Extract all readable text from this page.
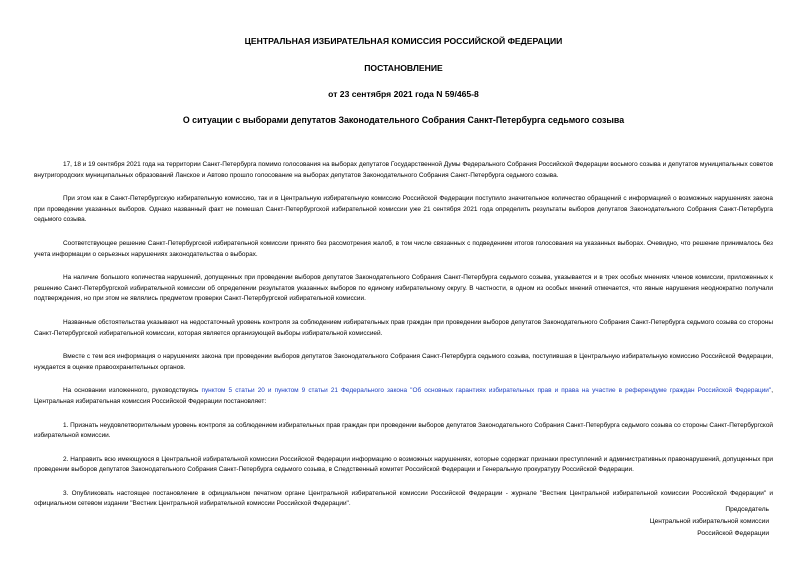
ЦЕНТРАЛЬНАЯ ИЗБИРАТЕЛЬНАЯ КОМИССИЯ РОССИЙСКОЙ ФЕДЕРАЦИИ
ПОСТАНОВЛЕНИЕ
от 23 сентября 2021 года N 59/465-8
О ситуации с выборами депутатов Законодательного Собрания Санкт-Петербурга седьмого созыва

17, 18 и 19 сентября 2021 года на территории Санкт-Петербурга помимо голосования на выборах депутатов Государственной Думы Федерального Собрания Российской Федерации восьмого созыва и депутатов муниципальных советов внутригородских муниципальных образований Ланское и Автово прошло голосование на выборах депутатов Законодательного Собрания Санкт-Петербурга седьмого созыва.

При этом как в Санкт-Петербургскую избирательную комиссию, так и в Центральную избирательную комиссию Российской Федерации поступило значительное количество обращений с информацией о возможных нарушениях закона при проведении указанных выборов. Однако названный факт не помешал Санкт-Петербургской избирательной комиссии уже 21 сентября 2021 года определить результаты выборов депутатов Законодательного Собрания Санкт-Петербурга седьмого созыва.

Соответствующее решение Санкт-Петербургской избирательной комиссии принято без рассмотрения жалоб, в том числе связанных с подведением итогов голосования на указанных выборах. Очевидно, что решение принималось без учета информации о серьезных нарушениях законодательства о выборах.

На наличие большого количества нарушений, допущенных при проведении выборов депутатов Законодательного Собрания Санкт-Петербурга седьмого созыва, указывается и в трех особых мнениях членов комиссии, приложенных к решению Санкт-Петербургской избирательной комиссии об определении результатов указанных выборов по единому избирательному округу. В частности, в одном из особых мнений отмечается, что явные нарушения неоднократно получали подтверждения, но при этом не являлись предметом проверки Санкт-Петербургской избирательной комиссии.

Названные обстоятельства указывают на недостаточный уровень контроля за соблюдением избирательных прав граждан при проведении выборов депутатов Законодательного Собрания Санкт-Петербурга седьмого созыва со стороны Санкт-Петербургской избирательной комиссии, которая является организующей выборы избирательной комиссией.

Вместе с тем вся информация о нарушениях закона при проведении выборов депутатов Законодательного Собрания Санкт-Петербурга седьмого созыва, поступившая в Центральную избирательную комиссию Российской Федерации, нуждается в оценке правоохранительных органов.

На основании изложенного, руководствуясь пунктом 5 статьи 20 и пунктом 9 статьи 21 Федерального закона "Об основных гарантиях избирательных прав и права на участие в референдуме граждан Российской Федерации", Центральная избирательная комиссия Российской Федерации постановляет:

1. Признать неудовлетворительным уровень контроля за соблюдением избирательных прав граждан при проведении выборов депутатов Законодательного Собрания Санкт-Петербурга седьмого созыва со стороны Санкт-Петербургской избирательной комиссии.

2. Направить всю имеющуюся в Центральной избирательной комиссии Российской Федерации информацию о возможных нарушениях, которые содержат признаки преступлений и административных правонарушений, допущенных при проведении выборов депутатов Законодательного Собрания Санкт-Петербурга седьмого созыва, в Следственный комитет Российской Федерации и Генеральную прокуратуру Российской Федерации.

3. Опубликовать настоящее постановление в официальном печатном органе Центральной избирательной комиссии Российской Федерации - журнале "Вестник Центральной избирательной комиссии Российской Федерации" и официальном сетевом издании "Вестник Центральной избирательной комиссии Российской Федерации".

Председатель
Центральной избирательной комиссии
Российской Федерации
